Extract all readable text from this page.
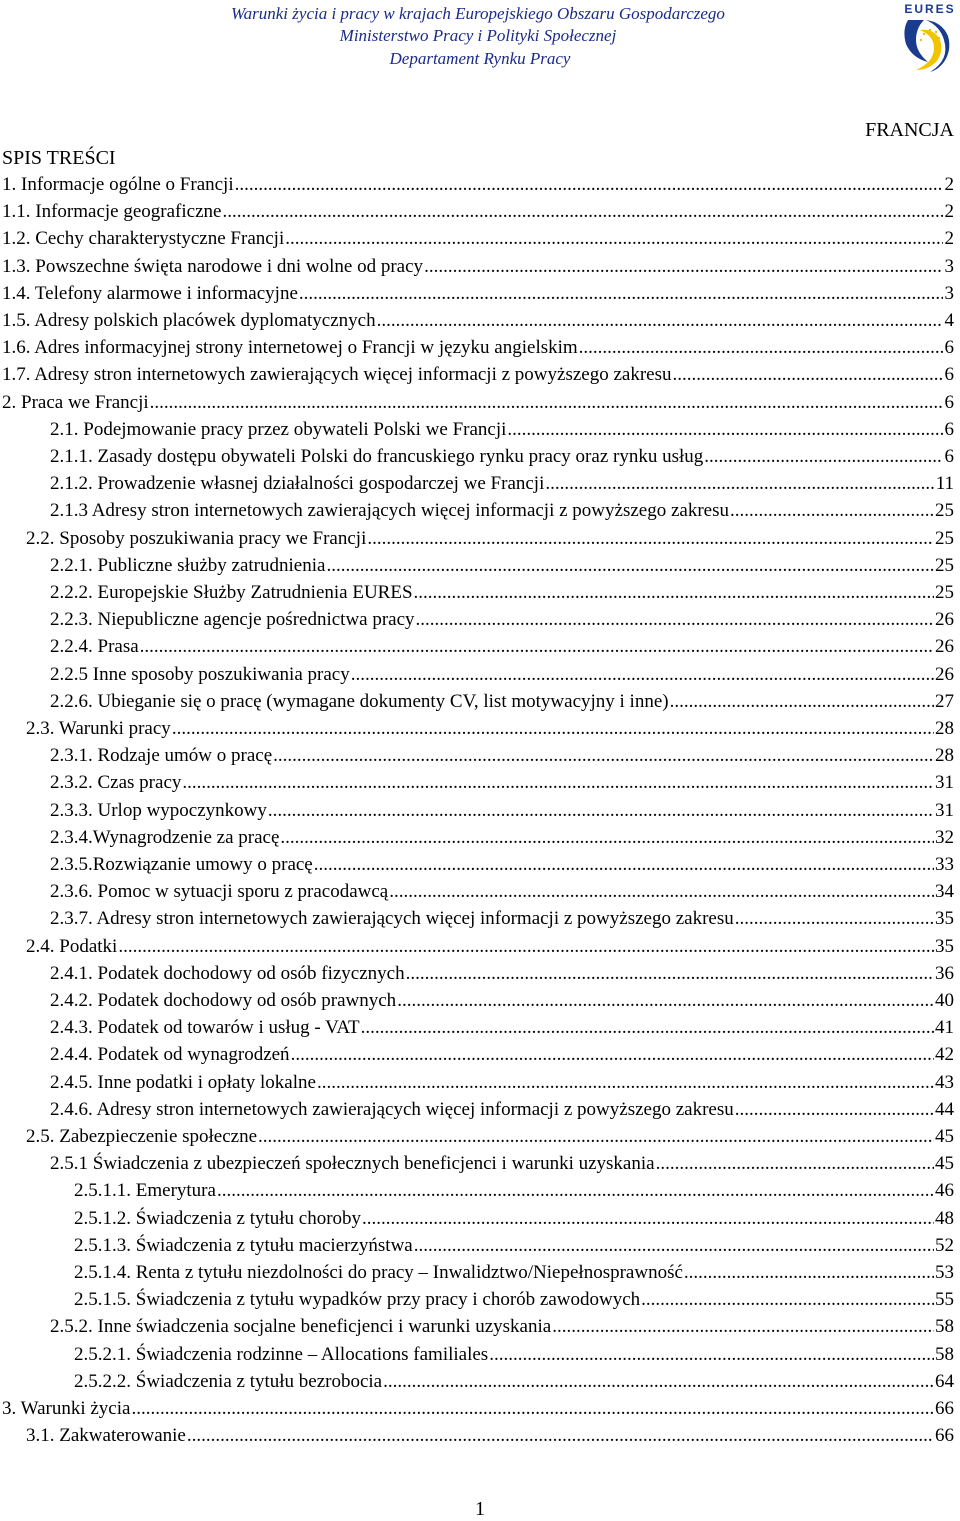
Warunki życia i pracy w krajach Europejskiego Obszaru Gospodarczego
Ministerstwo Pracy i Polityki Społecznej
Departament Rynku Pracy
EURES
FRANCJA
SPIS TREŚCI
1. Informacje ogólne o Francji .....	2
1.1. Informacje geograficzne .....	2
1.2. Cechy charakterystyczne Francji .....	2
1.3. Powszechne święta narodowe i dni wolne od pracy .....	3
1.4. Telefony alarmowe i informacyjne .....	3
1.5. Adresy polskich placówek dyplomatycznych .....	4
1.6. Adres informacyjnej strony internetowej o Francji w języku angielskim .....	6
1.7. Adresy stron internetowych zawierających więcej informacji z powyższego zakresu .....	6
2. Praca we Francji .....	6
2.1. Podejmowanie pracy przez obywateli Polski we Francji .....	6
2.1.1. Zasady dostępu obywateli Polski do francuskiego rynku pracy oraz rynku usług .....	6
2.1.2. Prowadzenie własnej działalności gospodarczej we Francji .....	11
2.1.3 Adresy stron internetowych zawierających więcej informacji z powyższego zakresu .....	25
2.2. Sposoby poszukiwania pracy we Francji .....	25
2.2.1. Publiczne służby zatrudnienia .....	25
2.2.2. Europejskie Służby Zatrudnienia EURES .....	25
2.2.3. Niepubliczne agencje pośrednictwa pracy .....	26
2.2.4. Prasa .....	26
2.2.5 Inne sposoby poszukiwania pracy .....	26
2.2.6. Ubieganie się o pracę (wymagane dokumenty CV, list motywacyjny i inne) .....	27
2.3. Warunki pracy .....	28
2.3.1. Rodzaje umów o pracę .....	28
2.3.2. Czas pracy .....	31
2.3.3. Urlop wypoczynkowy .....	31
2.3.4.Wynagrodzenie za pracę .....	32
2.3.5.Rozwiązanie umowy o pracę .....	33
2.3.6. Pomoc w sytuacji sporu z pracodawcą .....	34
2.3.7. Adresy stron internetowych zawierających więcej informacji z powyższego zakresu .....	35
2.4. Podatki .....	35
2.4.1. Podatek dochodowy od osób fizycznych .....	36
2.4.2. Podatek dochodowy od osób prawnych .....	40
2.4.3. Podatek od towarów i usług - VAT .....	41
2.4.4. Podatek od wynagrodzeń .....	42
2.4.5. Inne podatki i opłaty lokalne .....	43
2.4.6. Adresy stron internetowych zawierających więcej informacji z powyższego zakresu .....	44
2.5. Zabezpieczenie społeczne .....	45
2.5.1 Świadczenia z ubezpieczeń społecznych beneficjenci i warunki uzyskania .....	45
2.5.1.1. Emerytura .....	46
2.5.1.2. Świadczenia z tytułu choroby .....	48
2.5.1.3. Świadczenia z tytułu macierzyństwa .....	52
2.5.1.4. Renta z tytułu niezdolności do pracy – Inwalidztwo/Niepełnosprawność .....	53
2.5.1.5. Świadczenia z tytułu wypadków przy pracy i chorób zawodowych .....	55
2.5.2. Inne świadczenia socjalne beneficjenci i warunki uzyskania .....	58
2.5.2.1. Świadczenia rodzinne – Allocations familiales .....	58
2.5.2.2. Świadczenia z tytułu bezrobocia .....	64
3. Warunki życia .....	66
3.1. Zakwaterowanie .....	66
1
